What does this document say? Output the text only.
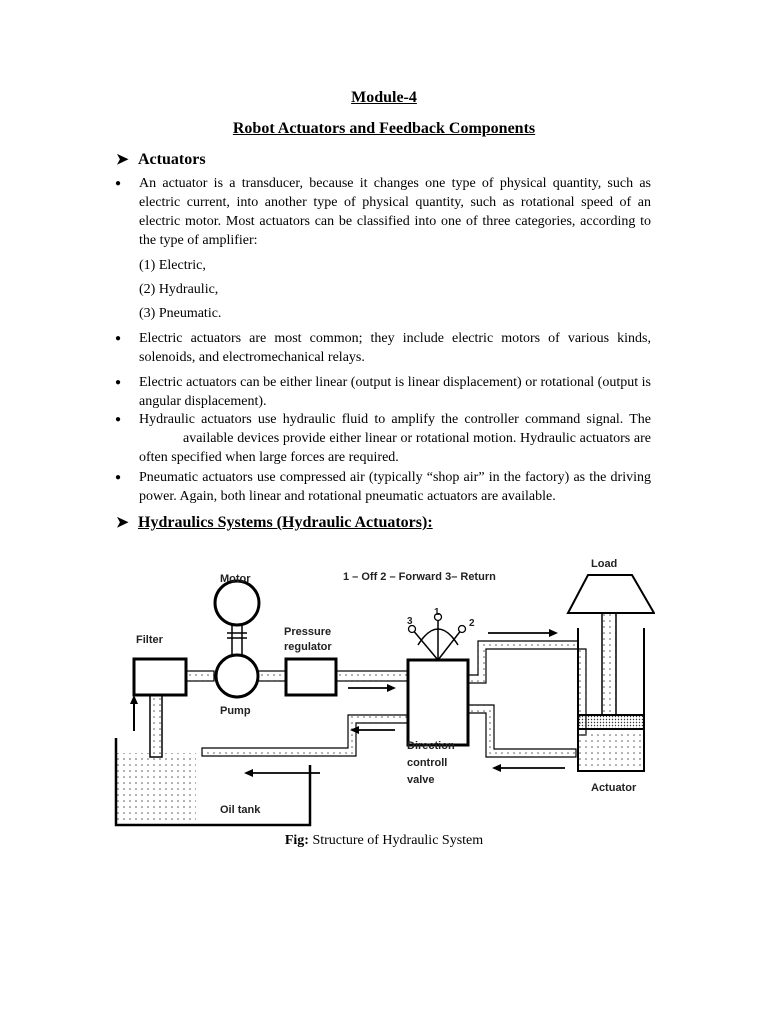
Module-4
Robot Actuators and Feedback Components
➤ Actuators
● An actuator is a transducer, because it changes one type of physical quantity, such as electric current, into another type of physical quantity, such as rotational speed of an electric motor. Most actuators can be classified into one of three categories, according to the type of amplifier:
(1) Electric,
(2) Hydraulic,
(3) Pneumatic.
● Electric actuators are most common; they include electric motors of various kinds, solenoids, and electromechanical relays.
● Electric actuators can be either linear (output is linear displacement) or rotational (output is angular displacement).
● Hydraulic actuators use hydraulic fluid to amplify the controller command signal. Theavailable devices provide either linear or rotational motion. Hydraulic actuators are often specified when large forces are required.
● Pneumatic actuators use compressed air (typically “shop air” in the factory) as the driving power. Again, both linear and rotational pneumatic actuators are available.
➤ Hydraulics Systems (Hydraulic Actuators):
Motor	1 – Off 2 – Forward 3– Return
Load
Filter
Pressure
regulator
Pump
Direction
controll
valve
Oil tank
Actuator
1
2
3
Fig: Structure of Hydraulic System
